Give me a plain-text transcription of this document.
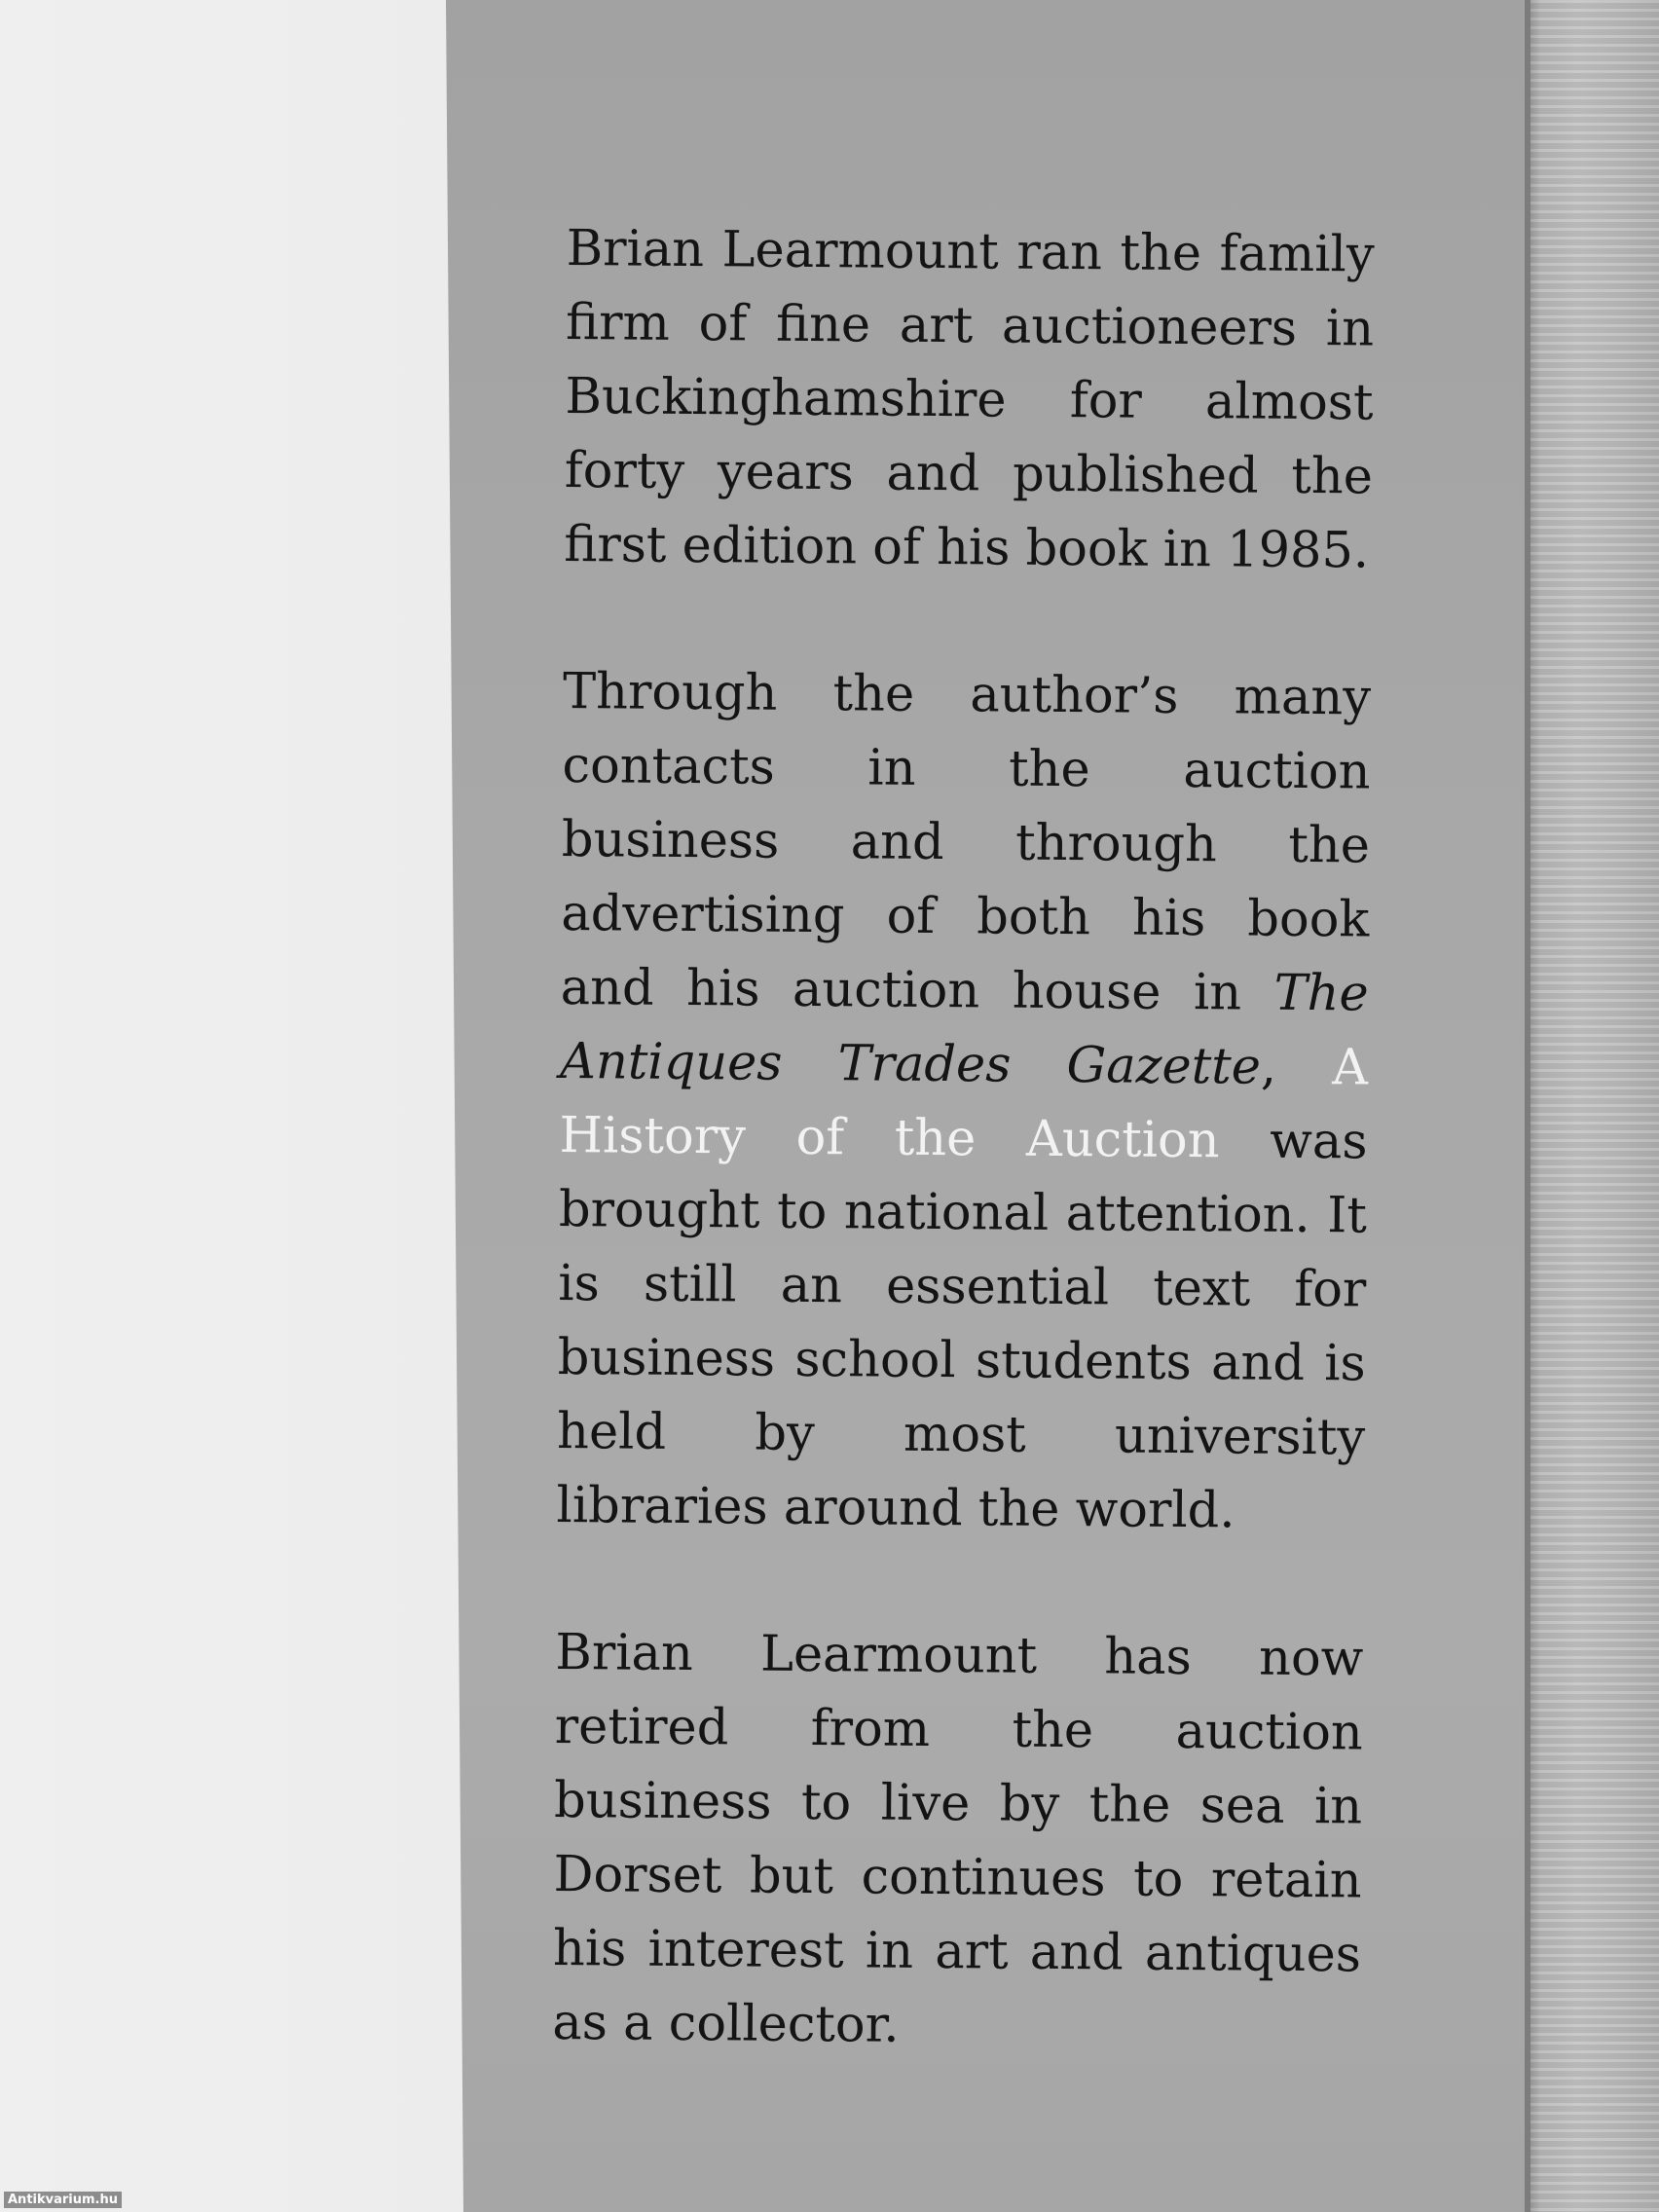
Brian Learmount ran the family firm of fine art auctioneers in Buckinghamshire for almost forty years and published the first edition of his book in 1985.

Through the author’s many contacts in the auction business and through the advertising of both his book and his auction house in The Antiques Trades Gazette, A History of the Auction was brought to national attention. It is still an essential text for business school students and is held by most university libraries around the world.

Brian Learmount has now retired from the auction business to live by the sea in Dorset but continues to retain his interest in art and antiques as a collector.

Antikvarium.hu
